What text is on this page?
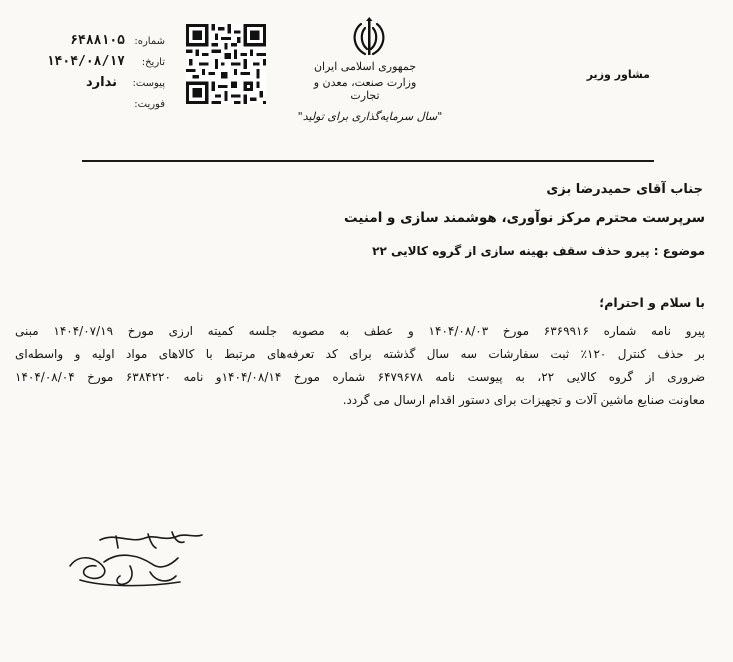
شماره:
۶۴۸۸۱۰۵
تاریخ:
۱۴۰۴/۰۸/۱۷
پیوست:
ندارد
فوریت:
جمهوری اسلامی ایران
وزارت صنعت، معدن و تجارت
"سال سرمایه‌گذاری برای تولید"
مشاور وزیر
جناب آقای حمیدرضا بزی
سرپرست محترم مرکز نوآوری، هوشمند سازی و امنیت
موضوع : پیرو حذف سقف بهینه سازی از گروه کالایی ۲۲
با سلام و احترام؛
پیرو نامه شماره ۶۳۶۹۹۱۶ مورخ ۱۴۰۴/۰۸/۰۳ و عطف به مصوبه جلسه کمیته ارزی مورخ ۱۴۰۴/۰۷/۱۹ مبنی
بر حذف کنترل ۱۲۰٪ ثبت سفارشات سه سال گذشته برای کد تعرفه‌های مرتبط با کالاهای مواد اولیه و واسطه‌ای
ضروری از گروه کالایی ۲۲، به پیوست نامه ۶۴۷۹۶۷۸ شماره مورخ ۱۴۰۴/۰۸/۱۴و نامه ۶۳۸۴۲۲۰ مورخ ۱۴۰۴/۰۸/۰۴
معاونت صنایع ماشین آلات و تجهیزات برای دستور اقدام ارسال می گردد.
